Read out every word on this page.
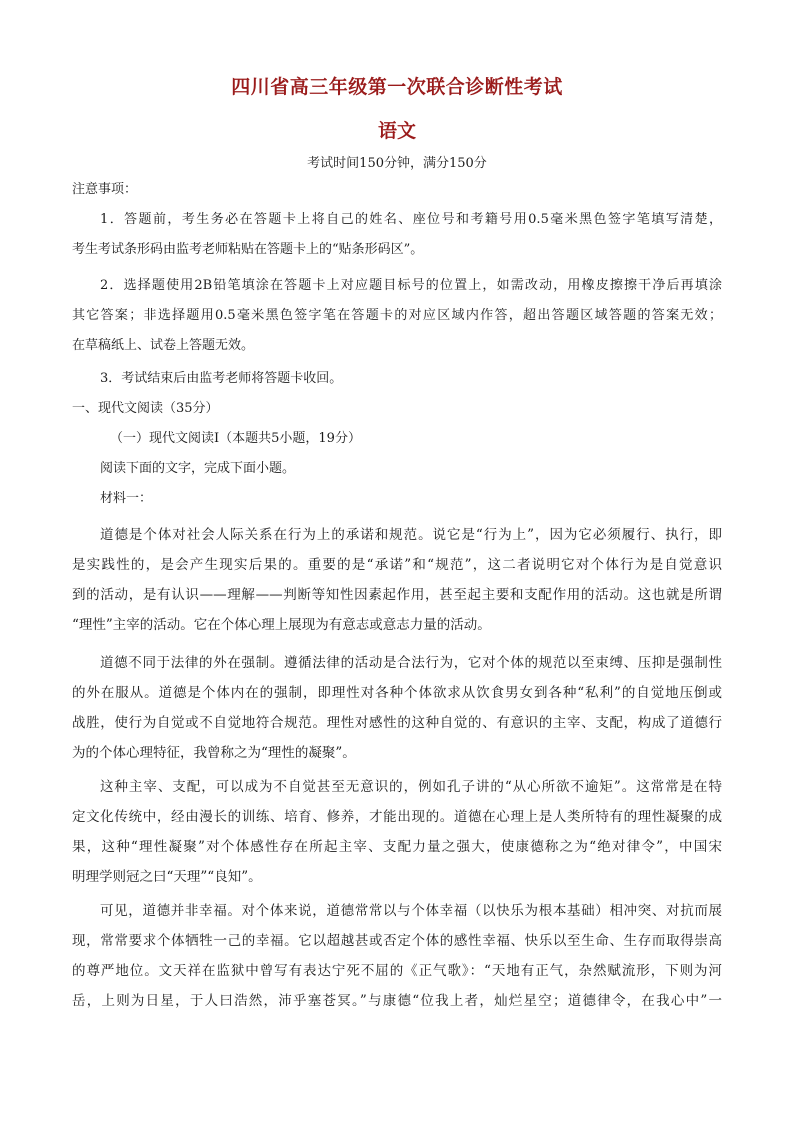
四川省高三年级第一次联合诊断性考试
语文
考试时间150分钟，满分150分
注意事项：
1．答题前，考生务必在答题卡上将自己的姓名、座位号和考籍号用0.5毫米黑色签字笔填写清楚，
考生考试条形码由监考老师粘贴在答题卡上的“贴条形码区”。
2．选择题使用2B铅笔填涂在答题卡上对应题目标号的位置上，如需改动，用橡皮擦擦干净后再填涂
其它答案；非选择题用0.5毫米黑色签字笔在答题卡的对应区域内作答，超出答题区域答题的答案无效；
在草稿纸上、试卷上答题无效。
3．考试结束后由监考老师将答题卡收回。
一、现代文阅读（35分）
（一）现代文阅读Ⅰ（本题共5小题，19分）
阅读下面的文字，完成下面小题。
材料一：
道德是个体对社会人际关系在行为上的承诺和规范。说它是“行为上”，因为它必须履行、执行，即
是实践性的，是会产生现实后果的。重要的是“承诺”和“规范”，这二者说明它对个体行为是自觉意识
到的活动，是有认识——理解——判断等知性因素起作用，甚至起主要和支配作用的活动。这也就是所谓
“理性”主宰的活动。它在个体心理上展现为有意志或意志力量的活动。
道德不同于法律的外在强制。遵循法律的活动是合法行为，它对个体的规范以至束缚、压抑是强制性
的外在服从。道德是个体内在的强制，即理性对各种个体欲求从饮食男女到各种“私利”的自觉地压倒或
战胜，使行为自觉或不自觉地符合规范。理性对感性的这种自觉的、有意识的主宰、支配，构成了道德行
为的个体心理特征，我曾称之为“理性的凝聚”。
这种主宰、支配，可以成为不自觉甚至无意识的，例如孔子讲的“从心所欲不逾矩”。这常常是在特
定文化传统中，经由漫长的训练、培育、修养，才能出现的。道德在心理上是人类所特有的理性凝聚的成
果，这种“理性凝聚”对个体感性存在所起主宰、支配力量之强大，使康德称之为“绝对律令”，中国宋
明理学则冠之曰“天理”“良知”。
可见，道德并非幸福。对个体来说，道德常常以与个体幸福（以快乐为根本基础）相冲突、对抗而展
现，常常要求个体牺牲一己的幸福。它以超越甚或否定个体的感性幸福、快乐以至生命、生存而取得崇高
的尊严地位。文天祥在监狱中曾写有表达宁死不屈的《正气歌》：“天地有正气，杂然赋流形，下则为河
岳，上则为日星，于人曰浩然，沛乎塞苍冥。”与康德“位我上者，灿烂星空；道德律令，在我心中”一
